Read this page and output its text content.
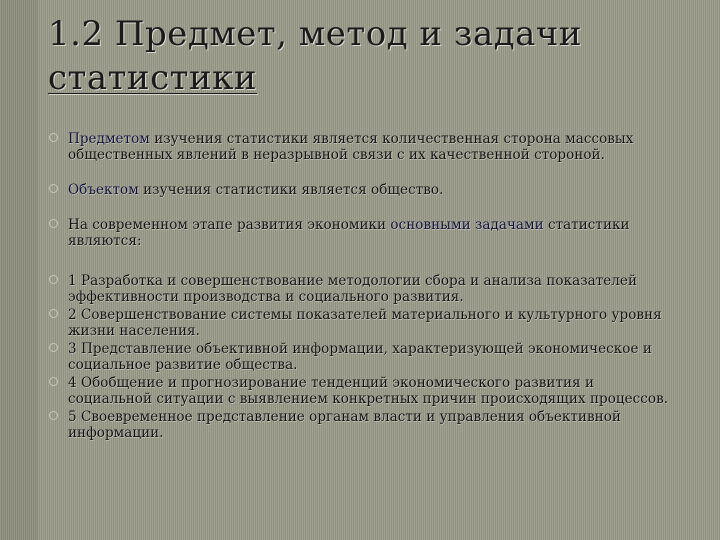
1.2 Предмет, метод и задачи
статистики
Предметом изучения статистики является количественная сторона массовых общественных явлений в неразрывной связи с их качественной стороной.
Объектом изучения статистики является общество.
На современном этапе развития экономики основными задачами статистики являются:
1 Разработка и совершенствование методологии сбора и анализа показателей эффективности производства и социального развития.
2 Совершенствование системы показателей материального и культурного уровня жизни населения.
3 Представление объективной информации, характеризующей экономическое и социальное развитие общества.
4 Обобщение и прогнозирование тенденций экономического развития и социальной ситуации с выявлением конкретных причин происходящих процессов.
5 Своевременное представление органам власти и управления объективной информации.
